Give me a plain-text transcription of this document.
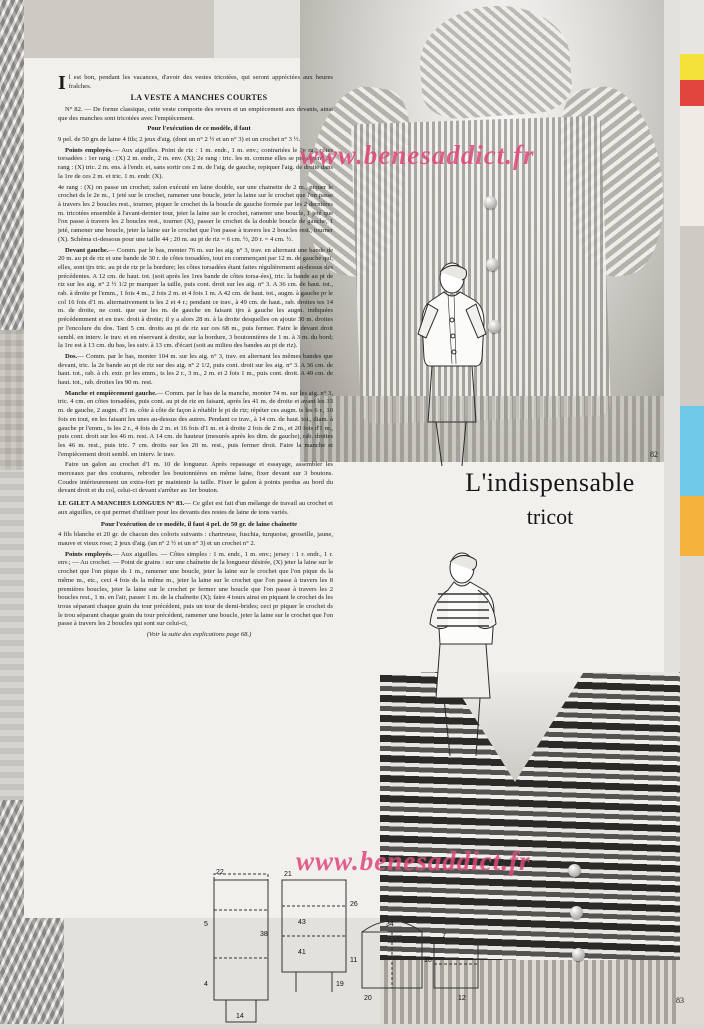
Il est bon, pendant les vacances, d'avoir des vestes tricotées, qui seront appréciées aux heures fraîches.

LA VESTE A MANCHES COURTES

N° 82. — De forme classique, cette veste comporte des revers et un empiècement aux devants, ainsi que des manches sont tricotées avec l'empiècement.

Pour l'exécution de ce modèle, il faut

9 pel. de 50 grs de laine 4 fils; 2 jeux d'aig. (dont un n° 2 ½ et un n° 3) et un crochet n° 3 ½.

Points employés.— Aux aiguilles. Point de riz : 1 m. endr., 1 m. env.; contrariées le 2e rg.; côtes torsadées : 1er rang : (X) 2 m. endr., 2 m. env. (X); 2e rang : tric. les m. comme elles se présentent; 3e rang : (X) tric. 2 m. ens. à l'endr. et, sans sortir ces 2 m. de l'aig. de gauche, repiquer l'aig. de droite dans la 1re de ces 2 m. et tric. 1 m. endr. (X).

4e rang : (X) on passe un crochet; zalon exécuté en laine double, sur une chainette de 2 m., piquer le crochet ds le 2e m., 1 jeté sur le crochet, ramener une boucle, jeter la laine sur le crochet que l'on passe à travers les 2 boucles rest., tourner, piquer le crochet ds la boucle de gauche formée par les 2 dernières m. tricotées ensemble à l'avant-dernier tour, jeter la laine sur le crochet, ramener une boucle, 1 jeté que l'on passe à travers les 2 boucles rest., tourner (X), passer le crochet ds la double boucle de gauche, 1 jeté, ramener une boucle, jeter la laine sur le crochet que l'on passe à travers les 2 boucles rest., tourner (X). Schéma ci-dessous pour une taille 44 ; 20 m. au pt de riz = 6 cm. ½, 20 r. = 4 cm. ½.

Devant gauche.— Comm. par le bas, monter 76 m. sur les aig. n° 3, trav. en alternant une bande de 20 m. au pt de riz et une bande de 30 r. de côtes torsadées, tout en commençant par 12 m. de gauche qui, elles, sont tjrs tric. au pt de riz pr la bordure; les côtes torsadées étant faites régulièrement au-dessus des précédentes. A 12 cm. de haut. tot. (soit après les 1res bande de côtes torsa-ées), tric. la bande au pt de riz sur les aig. n° 2 ½ 1/2 pr marquer la taille, puis cont. droit sur les aig. n° 3. A 36 cm. de haut. tot., rab. à droite pr l'emm., 1 fois 4 m., 2 fois 2 m. et 4 fois 1 m. A 42 cm. de haut. tot., augm. à gauche pr le col 16 fois d'1 m. alternativement ts les 2 et 4 r.; pendant ce trav., à 49 cm. de haut., rab. droites tes 14 m. de droite, ne cont. que sur les m. de gauche en faisant tjrs à gauche les augm. indiquées précédemment et en trav. droit à droite; il y a alors 28 m. à la droite desquelles on ajoute 30 m. droites pr l'encolure du dos. Tant 5 cm. droits au pt de riz sur ces 68 m., puis fermer. Faire le devant droit sembl. en interv. le trav. et en réservant à droite, sur la bordure, 3 boutonnières de 1 m. à 3 m. du bord; la 1re est à 13 cm. du bas, les suiv. à 13 cm. d'écart (soit au milieu des bandes au pt de riz).

Dos.— Comm. par le bas, monter 104 m. sur les aig. n° 3, trav. en alternant les mêmes bandes que devant, tric. la 2e bande au pt de riz sur des aig. n° 2 1/2, puis cont. droit sur les aig. n° 3. A 36 cm. de haut. tot., rab. à ch. extr. pr les emm., ts les 2 r., 3 m., 2 m. et 2 fois 1 m., puis cont. droit. A 49 cm. de haut. tot., rab. droites les 90 m. rest.

Manche et empiècement gauche.— Comm. par le bas de la manche, monter 74 m. sur les aig. n° 3, tric. 4 cm. en côtes torsadées, puis cont. au pt de riz en faisant, après les 41 m. de droite et avant les 33 m. de gauche, 2 augm. d'1 m. côte à côte de façon à rétablir le pt de riz; répéter ces augm. ts les 6 r., 10 fois en tout, en les faisant les unes au-dessus des autres. Pendant ce trav., à 14 cm. de haut. tot., diam. à gauche pr l'emm., ts les 2 r., 4 fois de 2 m. et 16 fois d'1 m. et à droite 2 fois de 2 m., et 20 fois d'1 m., puis cont. droit sur les 46 m. rest. A 14 cm. de hauteur (mesurés après les dim. de gauche), rab. droites les 46 m. rest., puis tric. 7 cm. droits sur les 20 m. rest., puis fermer droit. Faire la manche et l'empiècement droit sembl. en interv. le trav.

Faire un galon au crochet d'1 m. 10 de longueur. Après repassage et essayage, assembler les morceaux par des coutures, rebroder les boutonnières en même laine, fixer devant sur 3 boutons. Coudre intérieurement un extra-fort pr maintenir la taille. Fixer le galon à points perdus au bord du devant droit et du col, celui-ci devant s'arrêter au 1er bouton.

LE GILET A MANCHES LONGUES N° 83.— Ce gilet est fait d'un mélange de travail au crochet et aux aiguilles, ce qui permet d'utiliser pour les devants des restes de laine de tons variés.

Pour l'exécution de ce modèle, il faut 4 pel. de 50 gr. de laine chaînette

4 fils blanche et 20 gr. de chacun des coloris suivants : chartreuse, fuschia, turquoise, groseille, jaune, mauve et vieux rose; 2 jeux d'aig. (un n° 2 ½ et un n° 3) et un crochet n° 2.

Points employés.— Aux aiguilles. — Côtes simples : 1 m. endr., 1 m. env.; jersey : 1 r. endr., 1 r. env.; — Au crochet. — Point de grains : sur une chaînette de la longueur désirée, (X) jeter la laine sur le crochet que l'on pique ds 1 m., ramener une boucle, jeter la laine sur le crochet que l'on pique ds la même m., etc., ceci 4 fois ds la même m., jeter la laine sur le crochet que l'on passe à travers les 8 premières boucles, jeter la laine sur le crochet pr fermer une boucle que l'on passe à travers les 2 boucles rest., 1 m. en l'air, passer 1 m. de la chaînette (X); faire 4 tours ainsi en piquant le crochet ds les trous séparant chaque grain du tour précédent, puis un tour de demi-brides; ceci pr piquer le crochet ds le trou séparant chaque grain du tour précédent, ramener une boucle, jeter la laine sur le crochet que l'on passe à travers les 2 boucles qui sont sur celui-ci,

(Voir la suite des explications page 68.)

L'indispensable
tricot
22
4
14
21
43
41
19
34
20
10
7
12
38
5
26
11
www.benesaddict.fr
www.benesaddict.fr
82
83
